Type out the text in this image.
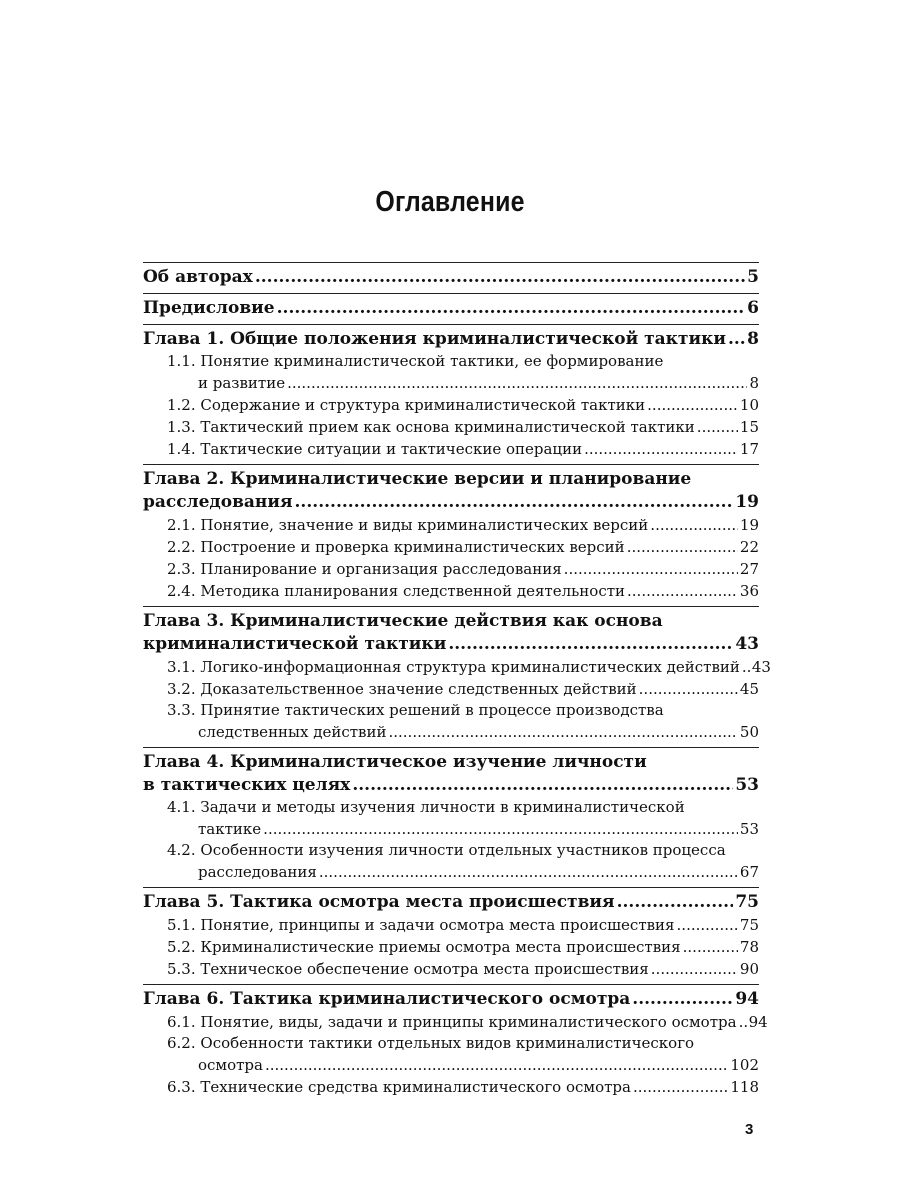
Оглавление
Об авторах .....	5
Предисловие .....	6
Глава 1. Общие положения криминалистической тактики ..... 8
1.1. Понятие криминалистической тактики, ее формирование
и развитие .....	8
1.2. Содержание и структура криминалистической тактики .....	10
1.3. Тактический прием как основа криминалистической тактики .....	15
1.4. Тактические ситуации и тактические операции .....	17
Глава 2. Криминалистические версии и планирование
расследования .....	19
2.1. Понятие, значение и виды криминалистических версий .....	19
2.2. Построение и проверка криминалистических версий .....	22
2.3. Планирование и организация расследования .....	27
2.4. Методика планирования следственной деятельности .....	36
Глава 3. Криминалистические действия как основа
криминалистической тактики .....	43
3.1. Логико-информационная структура криминалистических действий ..... 43
3.2. Доказательственное значение следственных действий .....	45
3.3. Принятие тактических решений в процессе производства
следственных действий .....	50
Глава 4. Криминалистическое изучение личности
в тактических целях .....	53
4.1. Задачи и методы изучения личности в криминалистической
тактике .....	53
4.2. Особенности изучения личности отдельных участников процесса
расследования .....	67
Глава 5. Тактика осмотра места происшествия .....	75
5.1. Понятие, принципы и задачи осмотра места происшествия .....	75
5.2. Криминалистические приемы осмотра места происшествия .....	78
5.3. Техническое обеспечение осмотра места происшествия .....	90
Глава 6. Тактика криминалистического осмотра .....	94
6.1. Понятие, виды, задачи и принципы криминалистического осмотра ..... 94
6.2. Особенности тактики отдельных видов криминалистического
осмотра .....	102
6.3. Технические средства криминалистического осмотра .....	118
3
